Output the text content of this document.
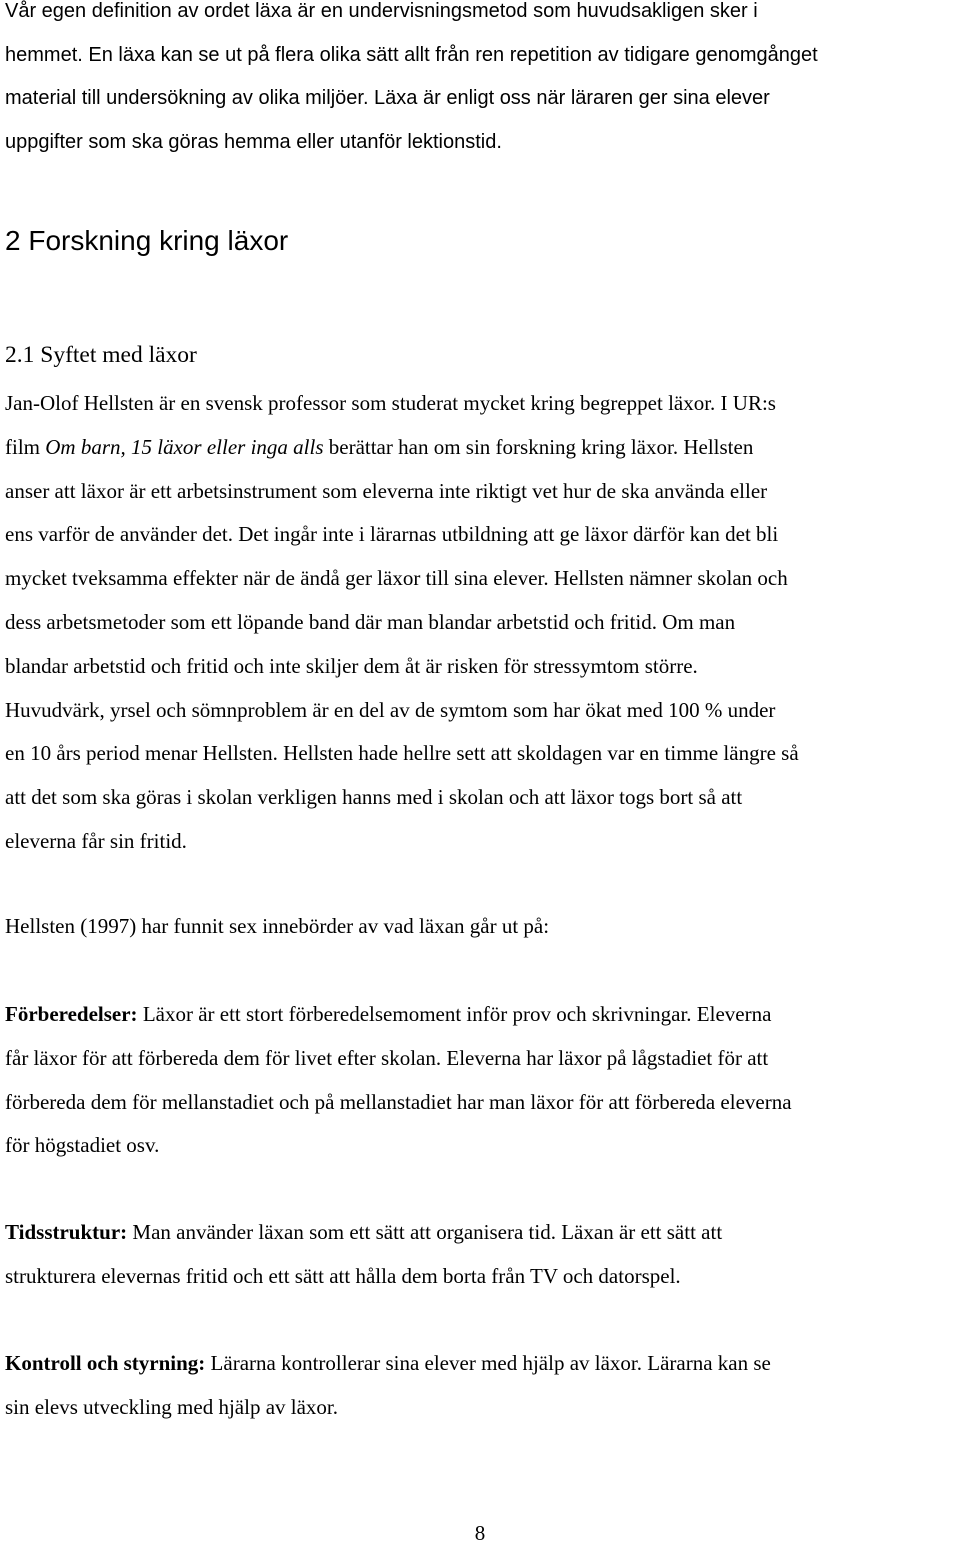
Vår egen definition av ordet läxa är en undervisningsmetod som huvudsakligen sker i
hemmet. En läxa kan se ut på flera olika sätt allt från ren repetition av tidigare genomgånget
material till undersökning av olika miljöer. Läxa är enligt oss när läraren ger sina elever
uppgifter som ska göras hemma eller utanför lektionstid.
2 Forskning kring läxor
2.1 Syftet med läxor
Jan-Olof Hellsten är en svensk professor som studerat mycket kring begreppet läxor. I UR:s
film Om barn, 15 läxor eller inga alls berättar han om sin forskning kring läxor. Hellsten
anser att läxor är ett arbetsinstrument som eleverna inte riktigt vet hur de ska använda eller
ens varför de använder det. Det ingår inte i lärarnas utbildning att ge läxor därför kan det bli
mycket tveksamma effekter när de ändå ger läxor till sina elever. Hellsten nämner skolan och
dess arbetsmetoder som ett löpande band där man blandar arbetstid och fritid. Om man
blandar arbetstid och fritid och inte skiljer dem åt är risken för stressymtom större.
Huvudvärk, yrsel och sömnproblem är en del av de symtom som har ökat med 100 % under
en 10 års period menar Hellsten. Hellsten hade hellre sett att skoldagen var en timme längre så
att det som ska göras i skolan verkligen hanns med i skolan och att läxor togs bort så att
eleverna får sin fritid.

Hellsten (1997) har funnit sex innebörder av vad läxan går ut på:

Förberedelser: Läxor är ett stort förberedelsemoment inför prov och skrivningar. Eleverna
får läxor för att förbereda dem för livet efter skolan. Eleverna har läxor på lågstadiet för att
förbereda dem för mellanstadiet och på mellanstadiet har man läxor för att förbereda eleverna
för högstadiet osv.
Tidsstruktur: Man använder läxan som ett sätt att organisera tid. Läxan är ett sätt att
strukturera elevernas fritid och ett sätt att hålla dem borta från TV och datorspel.
Kontroll och styrning: Lärarna kontrollerar sina elever med hjälp av läxor. Lärarna kan se
sin elevs utveckling med hjälp av läxor.
8
